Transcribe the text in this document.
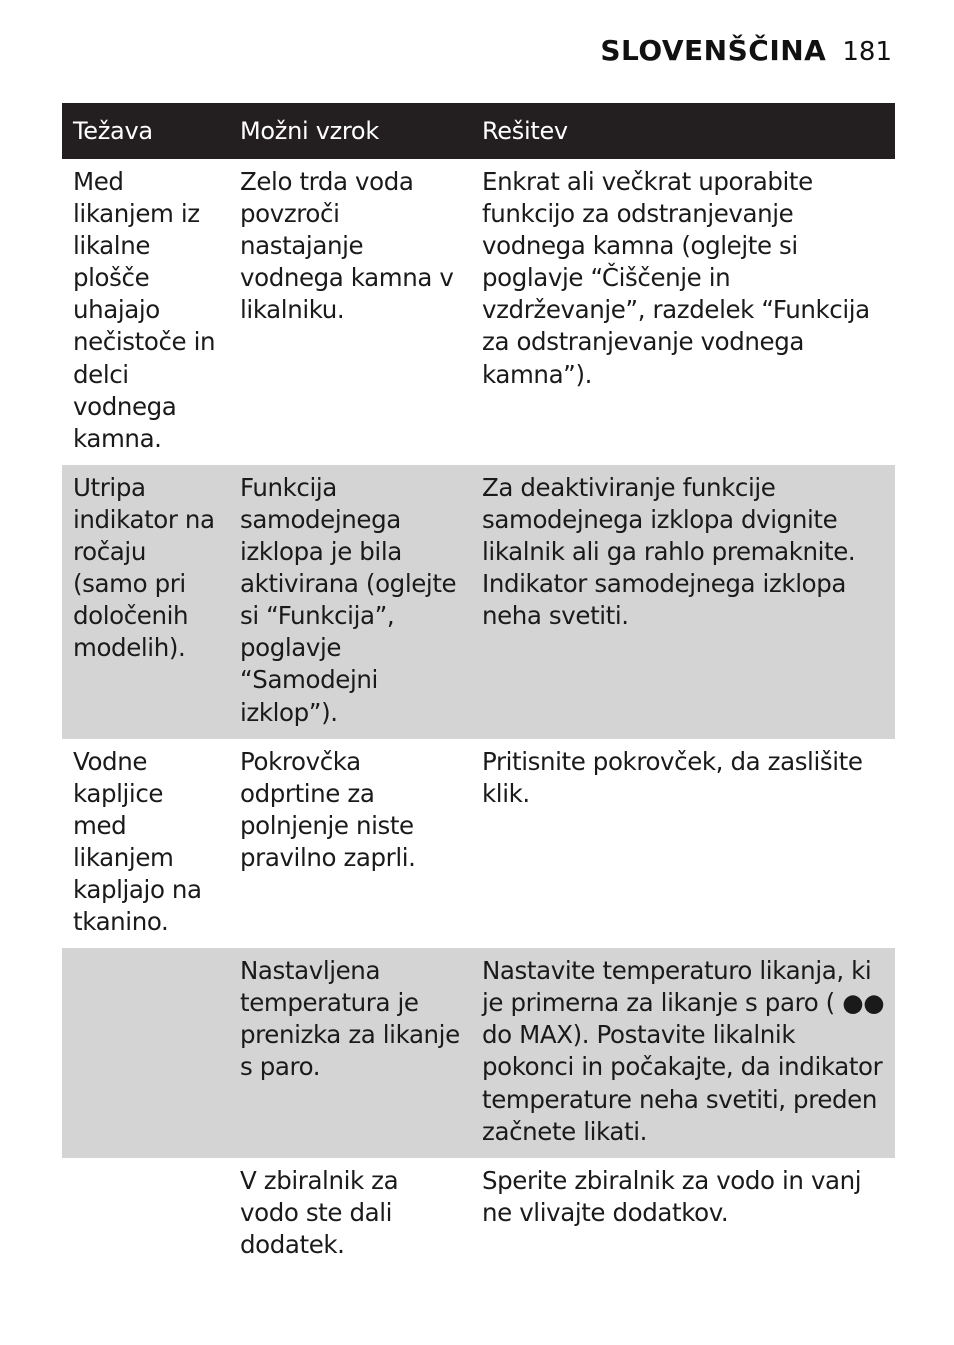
SLOVENŠČINA 181
Težava	Možni vzrok	Rešitev
Med likanjem iz likalne plošče uhajajo nečistoče in delci vodnega kamna.	Zelo trda voda povzroči nastajanje vodnega kamna v likalniku.	Enkrat ali večkrat uporabite funkcijo za odstranjevanje vodnega kamna (oglejte si poglavje “Čiščenje in vzdrževanje”, razdelek “Funkcija za odstranjevanje vodnega kamna”).
Utripa indikator na ročaju (samo pri določenih modelih).	Funkcija samodejnega izklopa je bila aktivirana (oglejte si “Funkcija”, poglavje “Samodejni izklop”).	Za deaktiviranje funkcije samodejnega izklopa dvignite likalnik ali ga rahlo premaknite. Indikator samodejnega izklopa neha svetiti.
Vodne kapljice med likanjem kapljajo na tkanino.	Pokrovčka odprtine za polnjenje niste pravilno zaprli.	Pritisnite pokrovček, da zaslišite klik.
	Nastavljena temperatura je prenizka za likanje s paro.	Nastavite temperaturo likanja, ki je primerna za likanje s paro ( ●● do MAX). Postavite likalnik pokonci in počakajte, da indikator temperature neha svetiti, preden začnete likati.
	V zbiralnik za vodo ste dali dodatek.	Sperite zbiralnik za vodo in vanj ne vlivajte dodatkov.
